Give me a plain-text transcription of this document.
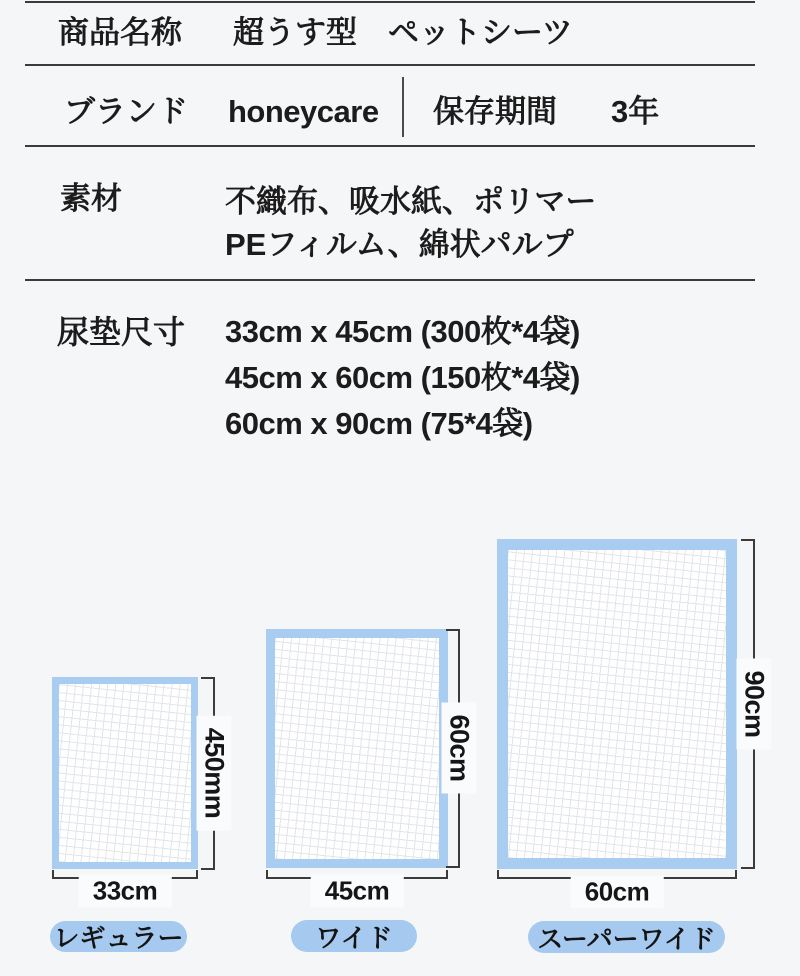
商品名称 超うす型　ペットシーツ
ブランド honeycare 保存期間 3年
素材	不織布、吸水紙、ポリマー
PEフィルム、綿状パルプ
尿垫尺寸 33cm x 45cm (300枚*4袋)
45cm x 60cm (150枚*4袋)
60cm x 90cm (75*4袋)
450mm
33cm
レギュラー
60cm
45cm
ワイド
90cm
60cm
スーパーワイド
